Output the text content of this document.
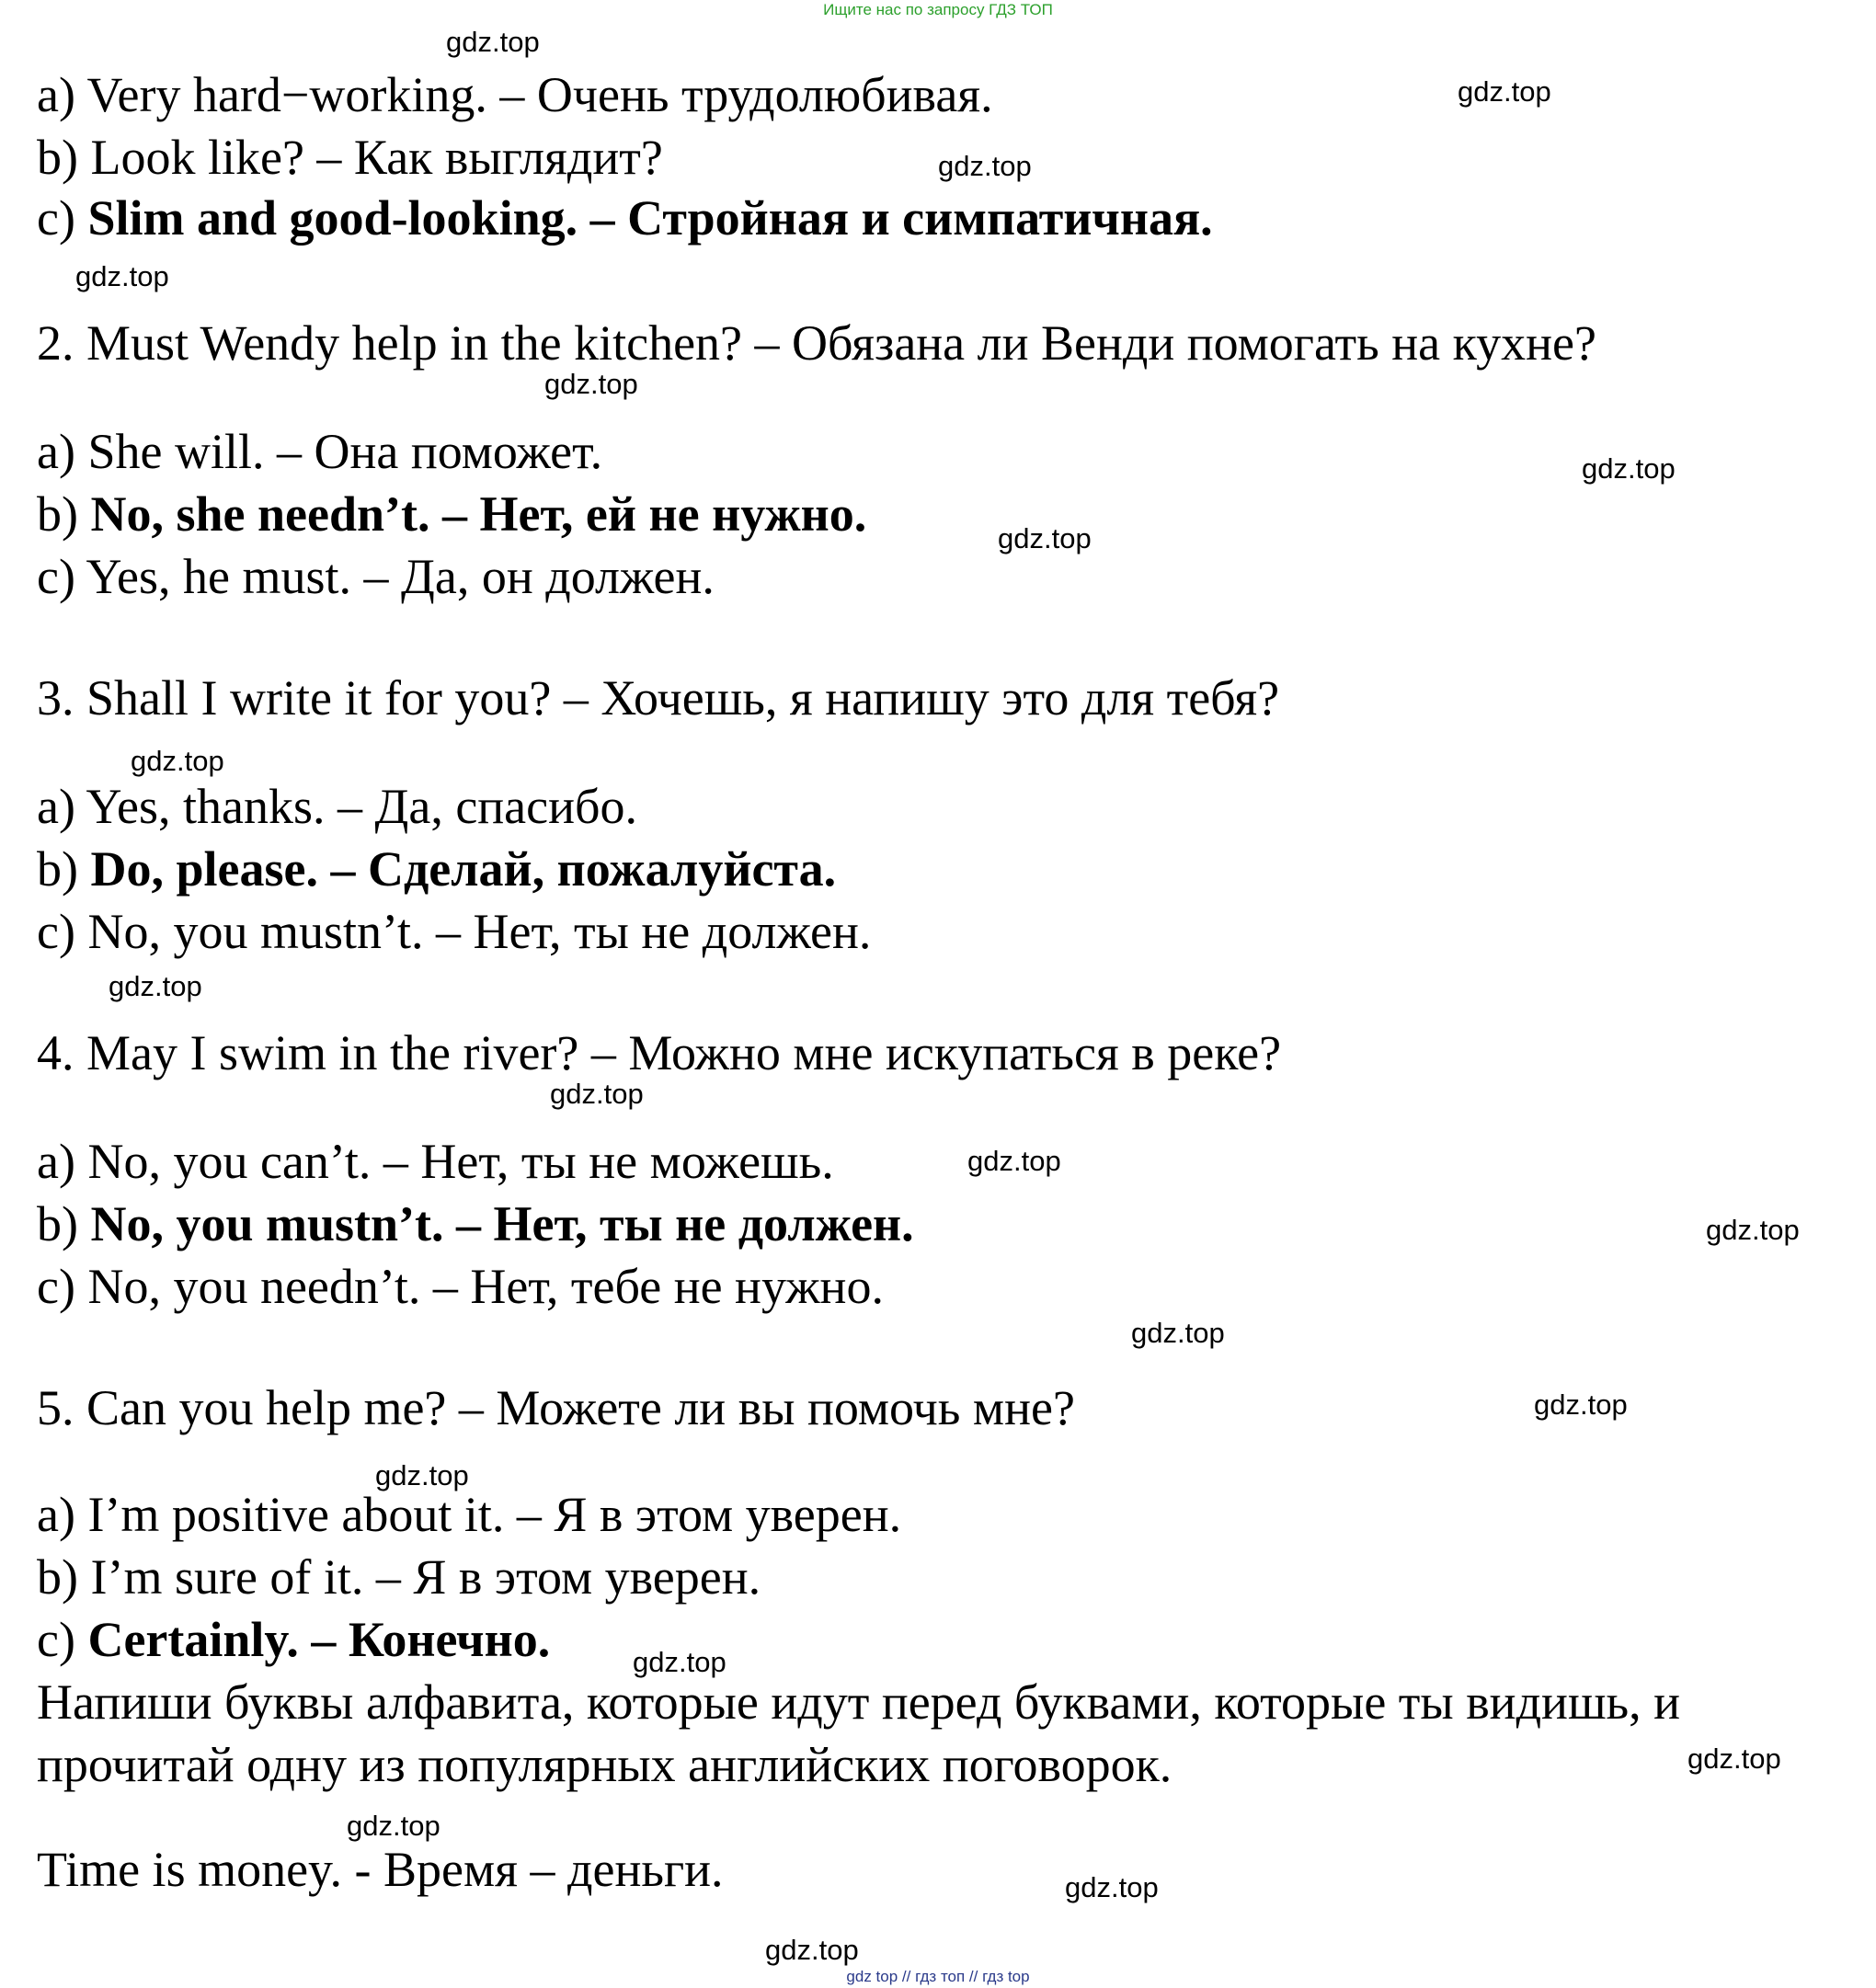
Ищите нас по запросу ГДЗ ТОП
a) Very hard−working. – Очень трудолюбивая.
b) Look like? – Как выглядит?
c) Slim and good-looking. – Стройная и симпатичная.
2. Must Wendy help in the kitchen? – Обязана ли Венди помогать на кухне?
a) She will. – Она поможет.
b) No, she needn’t. – Нет, ей не нужно.
c) Yes, he must. – Да, он должен.
3. Shall I write it for you? – Хочешь, я напишу это для тебя?
a) Yes, thanks. – Да, спасибо.
b) Do, please. – Сделай, пожалуйста.
c) No, you mustn’t. – Нет, ты не должен.
4. May I swim in the river? – Можно мне искупаться в реке?
a) No, you can’t. – Нет, ты не можешь.
b) No, you mustn’t. – Нет, ты не должен.
c) No, you needn’t. – Нет, тебе не нужно.
5. Can you help me? – Можете ли вы помочь мне?
a) I’m positive about it. – Я в этом уверен.
b) I’m sure of it. – Я в этом уверен.
c) Certainly. – Конечно.
Напиши буквы алфавита, которые идут перед буквами, которые ты видишь, и
прочитай одну из популярных английских поговорок.
Time is money. - Время – деньги.
gdz.top
gdz.top
gdz.top
gdz.top
gdz.top
gdz.top
gdz.top
gdz.top
gdz.top
gdz.top
gdz.top
gdz.top
gdz.top
gdz.top
gdz.top
gdz.top
gdz.top
gdz.top
gdz.top
gdz.top
gdz top // гдз топ // гдз top
